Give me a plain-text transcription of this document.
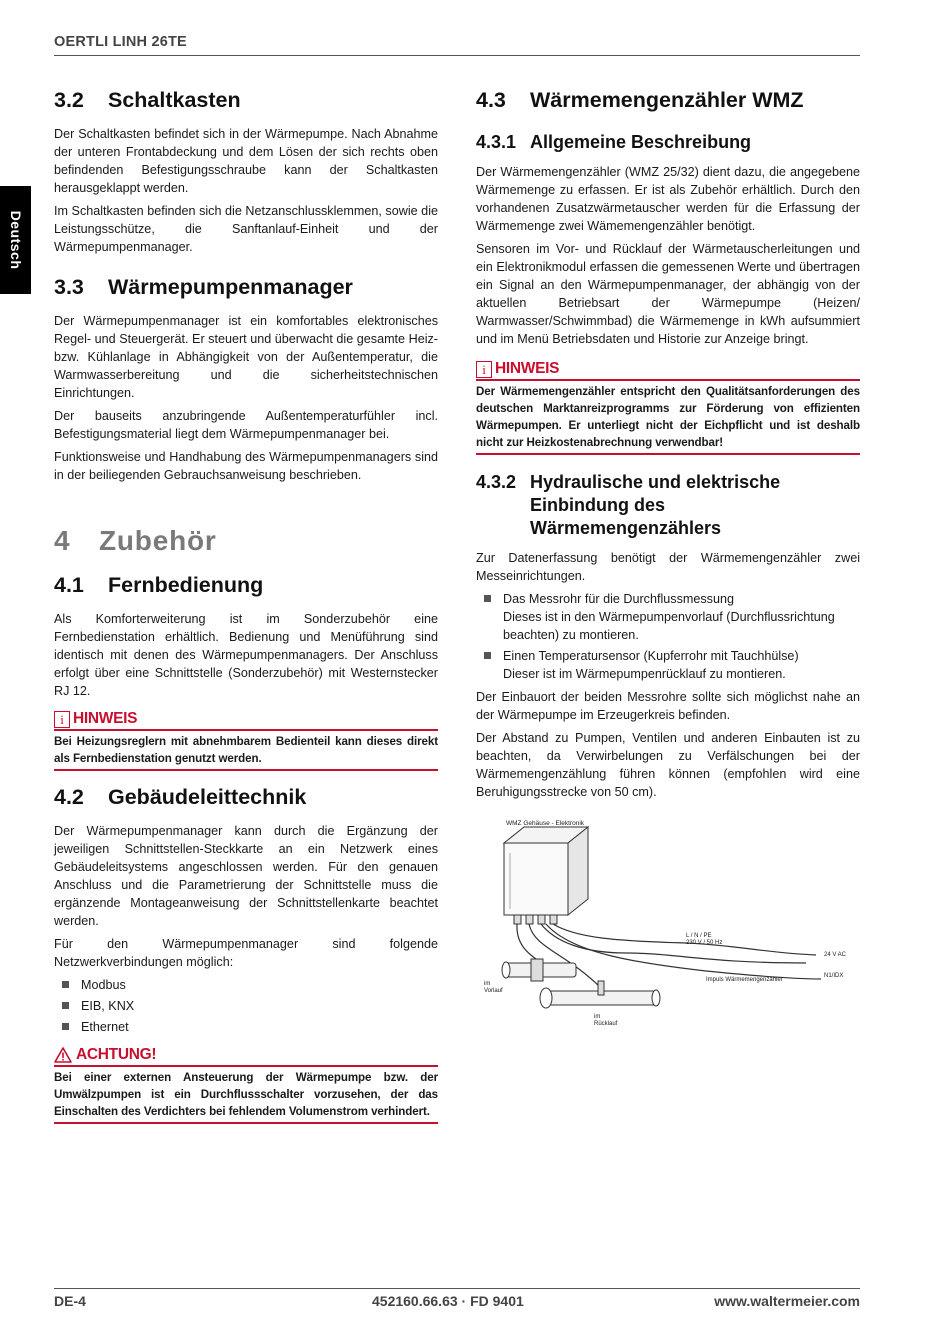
OERTLI LINH 26TE
Deutsch
3.2	Schaltkasten

Der Schaltkasten befindet sich in der Wärmepumpe. Nach Abnahme der unteren Frontabdeckung und dem Lösen der sich rechts oben befindenden Befestigungsschraube kann der Schaltkasten herausgeklappt werden.

Im Schaltkasten befinden sich die Netzanschlussklemmen, sowie die Leistungsschütze, die Sanftanlauf-Einheit und der Wärmepumpenmanager.

3.3	Wärmepumpenmanager

Der Wärmepumpenmanager ist ein komfortables elektronisches Regel- und Steuergerät. Er steuert und überwacht die gesamte Heiz- bzw. Kühlanlage in Abhängigkeit von der Außentemperatur, die Warmwasserbereitung und die sicherheitstechnischen Einrichtungen.

Der bauseits anzubringende Außentemperaturfühler incl. Befestigungsmaterial liegt dem Wärmepumpenmanager bei.

Funktionsweise und Handhabung des Wärmepumpenmanagers sind in der beiliegenden Gebrauchsanweisung beschrieben.

4	Zubehör
4.1	Fernbedienung

Als Komforterweiterung ist im Sonderzubehör eine Fernbedienstation erhältlich. Bedienung und Menüführung sind identisch mit denen des Wärmepumpenmanagers. Der Anschluss erfolgt über eine Schnittstelle (Sonderzubehör) mit Westernstecker RJ 12.

i HINWEIS
Bei Heizungsreglern mit abnehmbarem Bedienteil kann dieses direkt als Fernbedienstation genutzt werden.
4.2	Gebäudeleittechnik

Der Wärmepumpenmanager kann durch die Ergänzung der jeweiligen Schnittstellen-Steckkarte an ein Netzwerk eines Gebäudeleitsystems angeschlossen werden. Für den genauen Anschluss und die Parametrierung der Schnittstelle muss die ergänzende Montageanweisung der Schnittstellenkarte beachtet werden.

Für den Wärmepumpenmanager sind folgende Netzwerkverbindungen möglich:

Modbus
EIB, KNX
Ethernet
ACHTUNG!
Bei einer externen Ansteuerung der Wärmepumpe bzw. der Umwälzpumpen ist ein Durchflussschalter vorzusehen, der das Einschalten des Verdichters bei fehlendem Volumenstrom verhindert.
4.3	Wärmemengenzähler WMZ
4.3.1 Allgemeine Beschreibung

Der Wärmemengenzähler (WMZ 25/32) dient dazu, die angegebene Wärmemenge zu erfassen. Er ist als Zubehör erhältlich. Durch den vorhandenen Zusatzwärmetauscher werden für die Erfassung der Wärmemenge zwei Wämemengenzähler benötigt.

Sensoren im Vor- und Rücklauf der Wärmetauscherleitungen und ein Elektronikmodul erfassen die gemessenen Werte und übertragen ein Signal an den Wärmepumpenmanager, der abhängig von der aktuellen Betriebsart der Wärmepumpe (Heizen/ Warmwasser/Schwimmbad) die Wärmemenge in kWh aufsummiert und im Menü Betriebsdaten und Historie zur Anzeige bringt.

i HINWEIS
Der Wärmemengenzähler entspricht den Qualitätsanforderungen des deutschen Marktanreizprogramms zur Förderung von effizienten Wärmepumpen. Er unterliegt nicht der Eichpflicht und ist deshalb nicht zur Heizkostenabrechnung verwendbar!
4.3.2 Hydraulische und elektrische
Einbindung des
Wärmemengenzählers

Zur Datenerfassung benötigt der Wärmemengenzähler zwei Messeinrichtungen.

Das Messrohr für die Durchflussmessung
Dieses ist in den Wärmepumpenvorlauf (Durchflussrichtung beachten) zu montieren.
Einen Temperatursensor (Kupferrohr mit Tauchhülse)
Dieser ist im Wärmepumpenrücklauf zu montieren.

Der Einbauort der beiden Messrohre sollte sich möglichst nahe an der Wärmepumpe im Erzeugerkreis befinden.

Der Abstand zu Pumpen, Ventilen und anderen Einbauten ist zu beachten, da Verwirbelungen zu Verfälschungen bei der Wärmemengenzählung führen können (empfohlen wird eine Beruhigungsstrecke von 50 cm).

WMZ Gehäuse - Elektronik
L / N / PE
230 V / 50 Hz
24 V AC
N1/IDX
Impuls Wärmemengenzähler
im
Vorlauf
im
Rücklauf
DE-4	452160.66.63 · FD 9401	www.waltermeier.com
